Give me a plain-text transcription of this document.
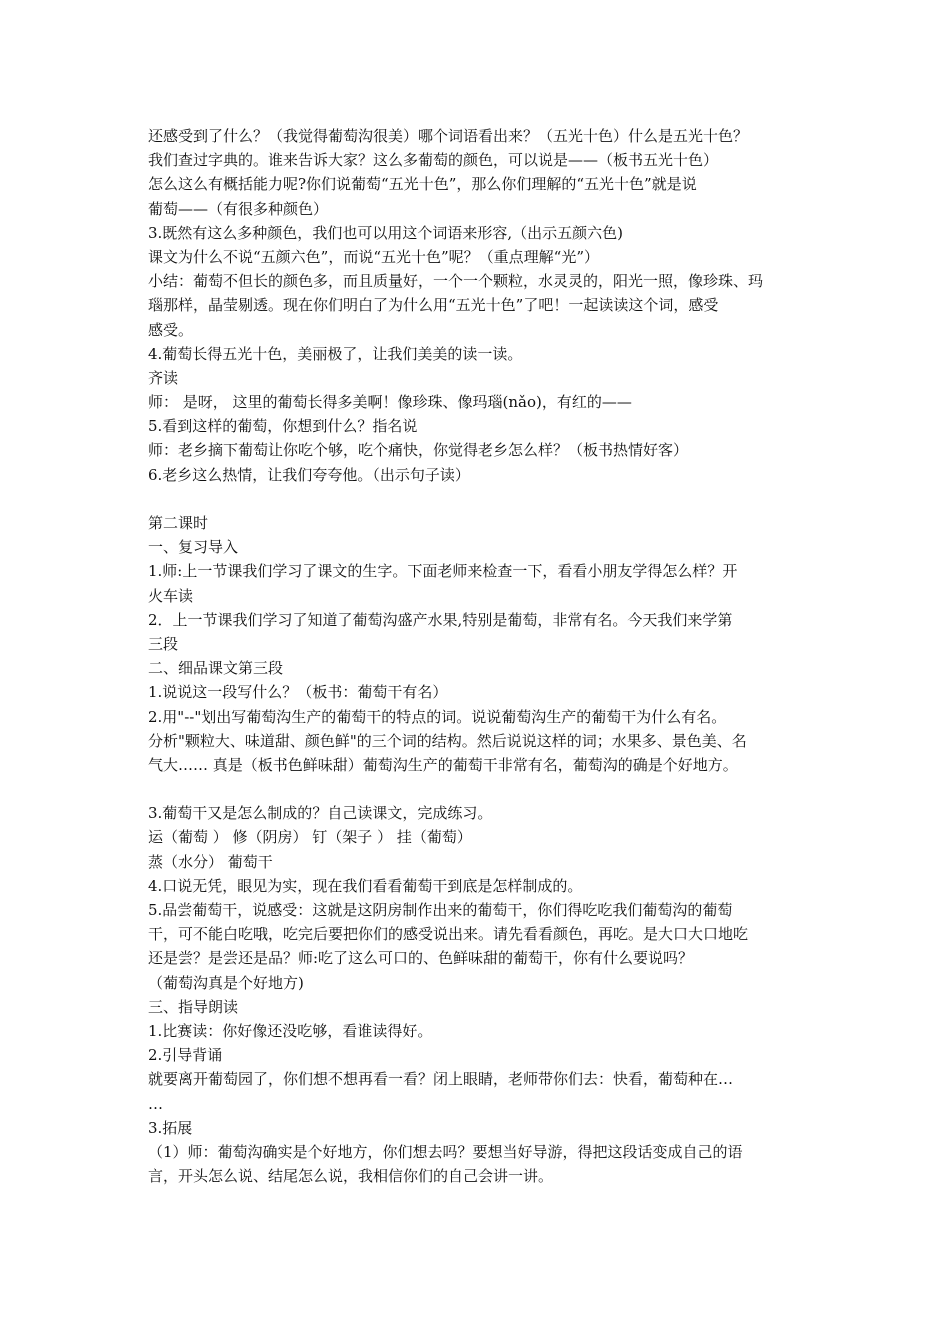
还感受到了什么？（我觉得葡萄沟很美）哪个词语看出来？（五光十色）什么是五光十色？
我们查过字典的。谁来告诉大家？这么多葡萄的颜色，可以说是——（板书五光十色）
怎么这么有概括能力呢?你们说葡萄“五光十色”，那么你们理解的“五光十色”就是说
葡萄——（有很多种颜色）
3.既然有这么多种颜色，我们也可以用这个词语来形容,（出示五颜六色)
课文为什么不说“五颜六色”，而说“五光十色”呢？（重点理解“光”）
小结：葡萄不但长的颜色多，而且质量好，一个一个颗粒，水灵灵的，阳光一照，像珍珠、玛
瑙那样，晶莹剔透。现在你们明白了为什么用“五光十色”了吧！一起读读这个词，感受
感受。
4.葡萄长得五光十色，美丽极了，让我们美美的读一读。
齐读
师： 是呀， 这里的葡萄长得多美啊！像珍珠、像玛瑙(nǎo)，有红的——
5.看到这样的葡萄，你想到什么？指名说
师：老乡摘下葡萄让你吃个够，吃个痛快，你觉得老乡怎么样？（板书热情好客）
6.老乡这么热情，让我们夸夸他。（出示句子读）
第二课时
一、复习导入
1.师:上一节课我们学习了课文的生字。下面老师来检查一下，看看小朋友学得怎么样？开
火车读
2．上一节课我们学习了知道了葡萄沟盛产水果,特别是葡萄，非常有名。今天我们来学第
三段
二、细品课文第三段
1.说说这一段写什么？（板书：葡萄干有名）
2.用"--"划出写葡萄沟生产的葡萄干的特点的词。说说葡萄沟生产的葡萄干为什么有名。
分析"颗粒大、味道甜、颜色鲜"的三个词的结构。然后说说这样的词；水果多、景色美、名
气大…… 真是（板书色鲜味甜）葡萄沟生产的葡萄干非常有名，葡萄沟的确是个好地方。
3.葡萄干又是怎么制成的？自己读课文，完成练习。
运（葡萄 ） 修（阴房） 钉（架子 ） 挂（葡萄）
蒸（水分） 葡萄干
4.口说无凭，眼见为实，现在我们看看葡萄干到底是怎样制成的。
5.品尝葡萄干，说感受：这就是这阴房制作出来的葡萄干，你们得吃吃我们葡萄沟的葡萄
干，可不能白吃哦，吃完后要把你们的感受说出来。请先看看颜色，再吃。是大口大口地吃
还是尝？是尝还是品？师:吃了这么可口的、色鲜味甜的葡萄干，你有什么要说吗？
（葡萄沟真是个好地方)
三、指导朗读
1.比赛读：你好像还没吃够，看谁读得好。
2.引导背诵
就要离开葡萄园了，你们想不想再看一看？闭上眼睛，老师带你们去：快看，葡萄种在…
…
3.拓展
（1）师：葡萄沟确实是个好地方，你们想去吗？要想当好导游，得把这段话变成自己的语
言，开头怎么说、结尾怎么说，我相信你们的自己会讲一讲。
